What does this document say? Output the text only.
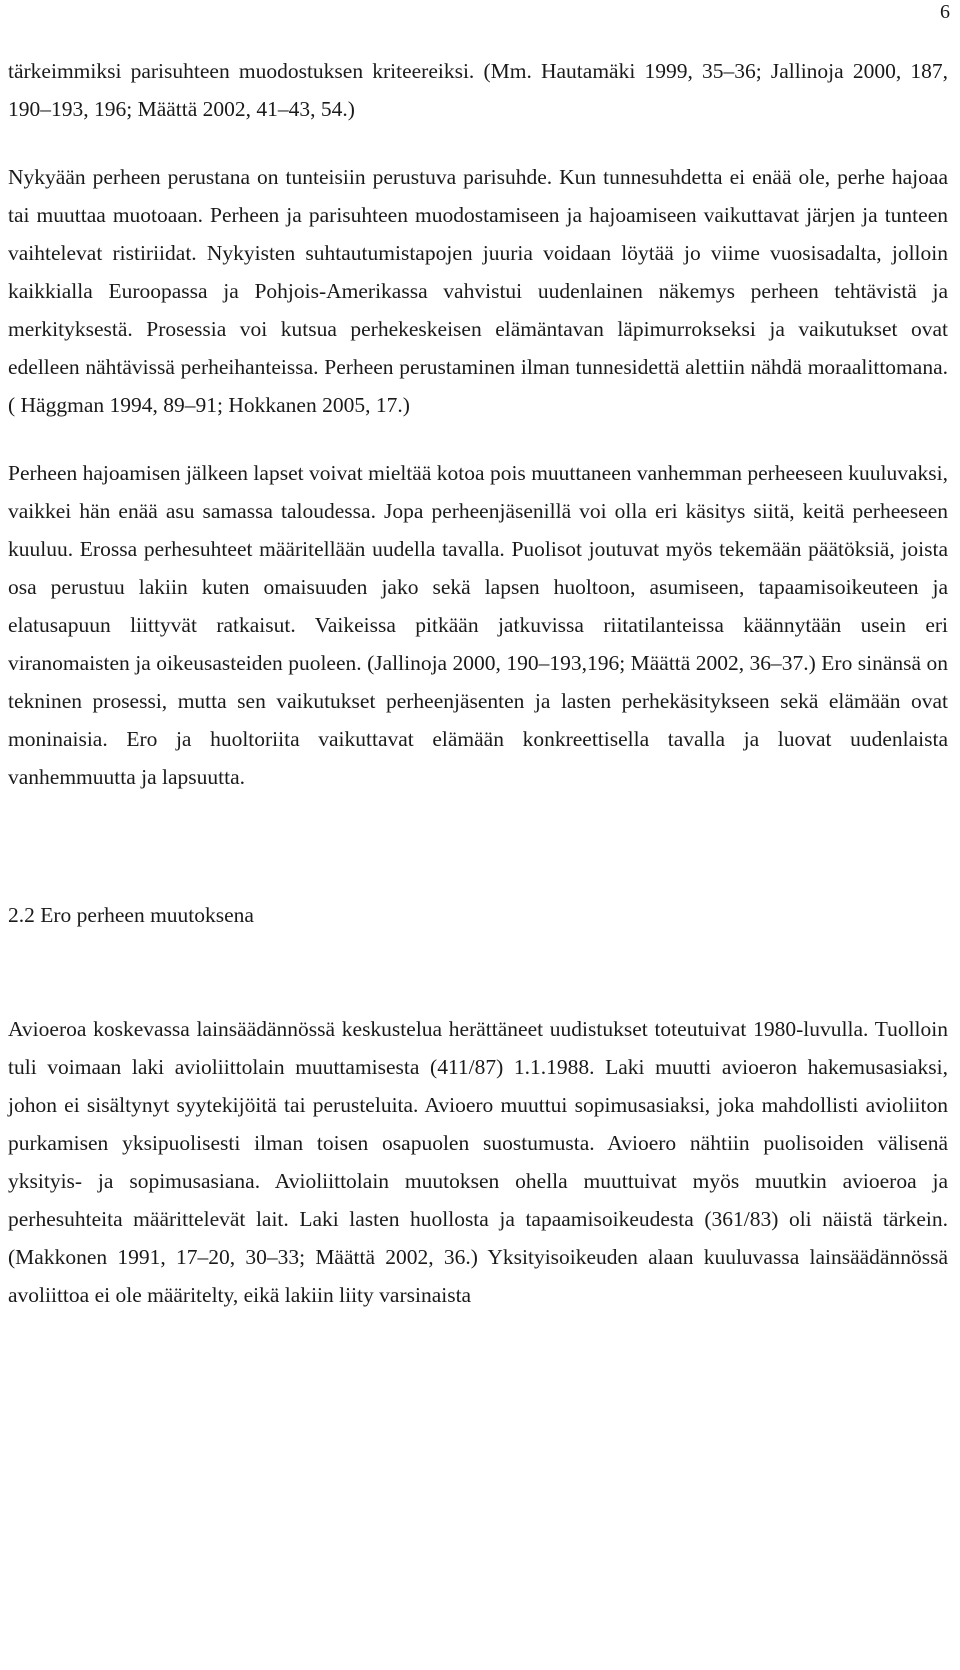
6

tärkeimmiksi parisuhteen muodostuksen kriteereiksi. (Mm. Hautamäki 1999, 35–36; Jallinoja 2000, 187, 190–193, 196; Määttä 2002, 41–43, 54.)

Nykyään perheen perustana on tunteisiin perustuva parisuhde. Kun tunnesuhdetta ei enää ole, perhe hajoaa tai muuttaa muotoaan. Perheen ja parisuhteen muodostamiseen ja hajoamiseen vaikuttavat järjen ja tunteen vaihtelevat ristiriidat. Nykyisten suhtautumistapojen juuria voidaan löytää jo viime vuosisadalta, jolloin kaikkialla Euroopassa ja Pohjois-Amerikassa vahvistui uudenlainen näkemys perheen tehtävistä ja merkityksestä. Prosessia voi kutsua perhekeskeisen elämäntavan läpimurrokseksi ja vaikutukset ovat edelleen nähtävissä perheihanteissa. Perheen perustaminen ilman tunnesidettä alettiin nähdä moraalittomana. ( Häggman 1994, 89–91; Hokkanen 2005, 17.)

Perheen hajoamisen jälkeen lapset voivat mieltää kotoa pois muuttaneen vanhemman perheeseen kuuluvaksi, vaikkei hän enää asu samassa taloudessa. Jopa perheenjäsenillä voi olla eri käsitys siitä, keitä perheeseen kuuluu. Erossa perhesuhteet määritellään uudella tavalla. Puolisot joutuvat myös tekemään päätöksiä, joista osa perustuu lakiin kuten omaisuuden jako sekä lapsen huoltoon, asumiseen, tapaamisoikeuteen ja elatusapuun liittyvät ratkaisut. Vaikeissa pitkään jatkuvissa riitatilanteissa käännytään usein eri viranomaisten ja oikeusasteiden puoleen. (Jallinoja 2000, 190–193,196; Määttä 2002, 36–37.) Ero sinänsä on tekninen prosessi, mutta sen vaikutukset perheenjäsenten ja lasten perhekäsitykseen sekä elämään ovat moninaisia. Ero ja huoltoriita vaikuttavat elämään konkreettisella tavalla ja luovat uudenlaista vanhemmuutta ja lapsuutta.

2.2 Ero perheen muutoksena

Avioeroa koskevassa lainsäädännössä keskustelua herättäneet uudistukset toteutuivat 1980-luvulla. Tuolloin tuli voimaan laki avioliittolain muuttamisesta (411/87) 1.1.1988. Laki muutti avioeron hakemusasiaksi, johon ei sisältynyt syytekijöitä tai perusteluita. Avioero muuttui sopimusasiaksi, joka mahdollisti avioliiton purkamisen yksipuolisesti ilman toisen osapuolen suostumusta. Avioero nähtiin puolisoiden välisenä yksityis- ja sopimusasiana. Avioliittolain muutoksen ohella muuttuivat myös muutkin avioeroa ja perhesuhteita määrittelevät lait. Laki lasten huollosta ja tapaamisoikeudesta (361/83) oli näistä tärkein. (Makkonen 1991, 17–20, 30–33; Määttä 2002, 36.) Yksityisoikeuden alaan kuuluvassa lainsäädännössä avoliittoa ei ole määritelty, eikä lakiin liity varsinaista
